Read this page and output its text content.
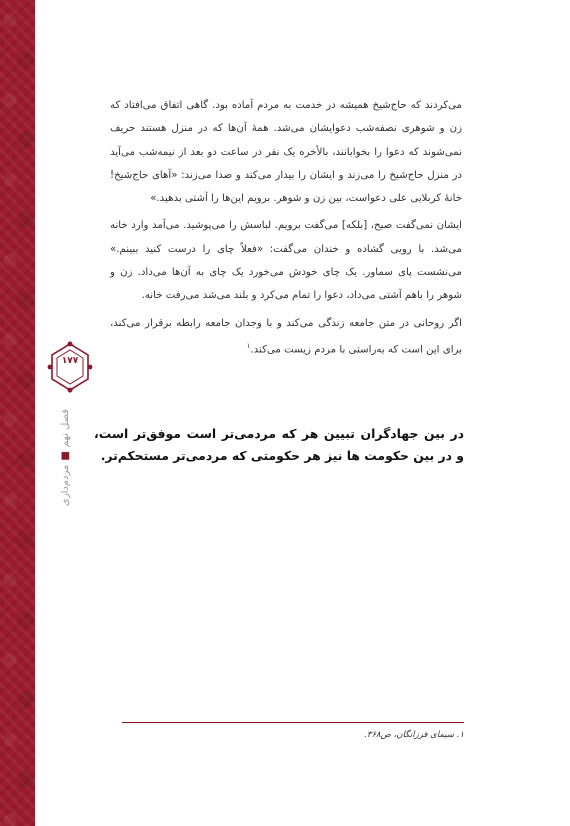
۱۷۷
فصل نهم■مردم‌داری

می‌کردند که حاج‌شیخ همیشه در خدمت به مردم آماده بود. گاهی اتفاق می‌افتاد که زن و شوهری نصفه‌شب دعوایشان می‌شد. همهٔ آن‌ها که در منزل هستند حریف نمی‌شوند که دعوا را بخوابانند، بالأخره یک نفر در ساعت دو بعد از نیمه‌شب می‌آید در منزل حاج‌شیخ را می‌زند و ایشان را بیدار می‌کند و صدا می‌زند: «آهای حاج‌شیخ! خانهٔ کربلایی علی دعواست، بین زن و شوهر. برویم این‌ها را آشتی بدهید.»

ایشان نمی‌گفت صبح، [بلکه] می‌گفت برویم. لباسش را می‌پوشید. می‌آمد وارد خانه می‌شد. با رویی گشاده و خندان می‌گفت: «فعلاً چای را درست کنید ببینم.» می‌نشست پای سماور. یک چای خودش می‌خورد یک چای به آن‌ها می‌داد. زن و شوهر را باهم آشتی می‌داد، دعوا را تمام می‌کرد و بلند می‌شد می‌رفت خانه.

اگر روحانی در متن جامعه زندگی می‌کند و با وجدان جامعه رابطه برقرار می‌کند، برای این است که به‌راستی با مردم زیست می‌کند.$^۱$

در بین جهادگران تبیین هر که مردمی‌تر است موفق‌تر است، و در بین حکومت ها نیز هر حکومتی که مردمی‌تر مستحکم‌تر.

۱. سیمای فرزانگان، ص۳۶۸.
